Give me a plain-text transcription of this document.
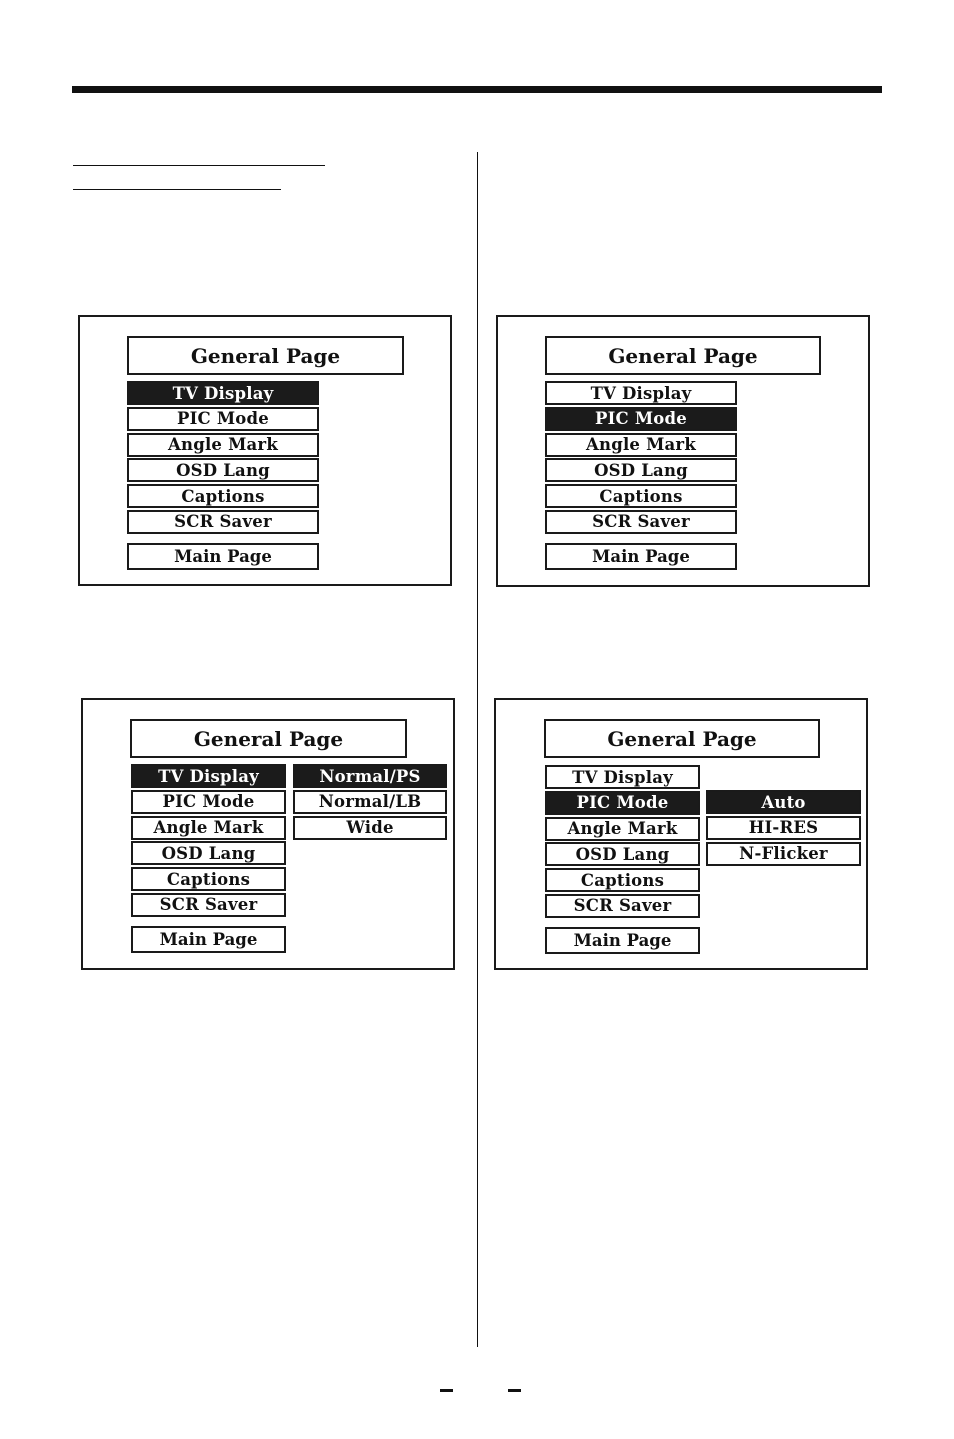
General Page
TV Display
PIC Mode
Angle Mark
OSD Lang
Captions
SCR Saver
Main Page
General Page
TV Display
PIC Mode
Angle Mark
OSD Lang
Captions
SCR Saver
Main Page
General Page
TV Display
PIC Mode
Angle Mark
OSD Lang
Captions
SCR Saver
Normal/PS
Normal/LB
Wide
Main Page
General Page
TV Display
PIC Mode
Angle Mark
OSD Lang
Captions
SCR Saver
Auto
HI-RES
N-Flicker
Main Page
